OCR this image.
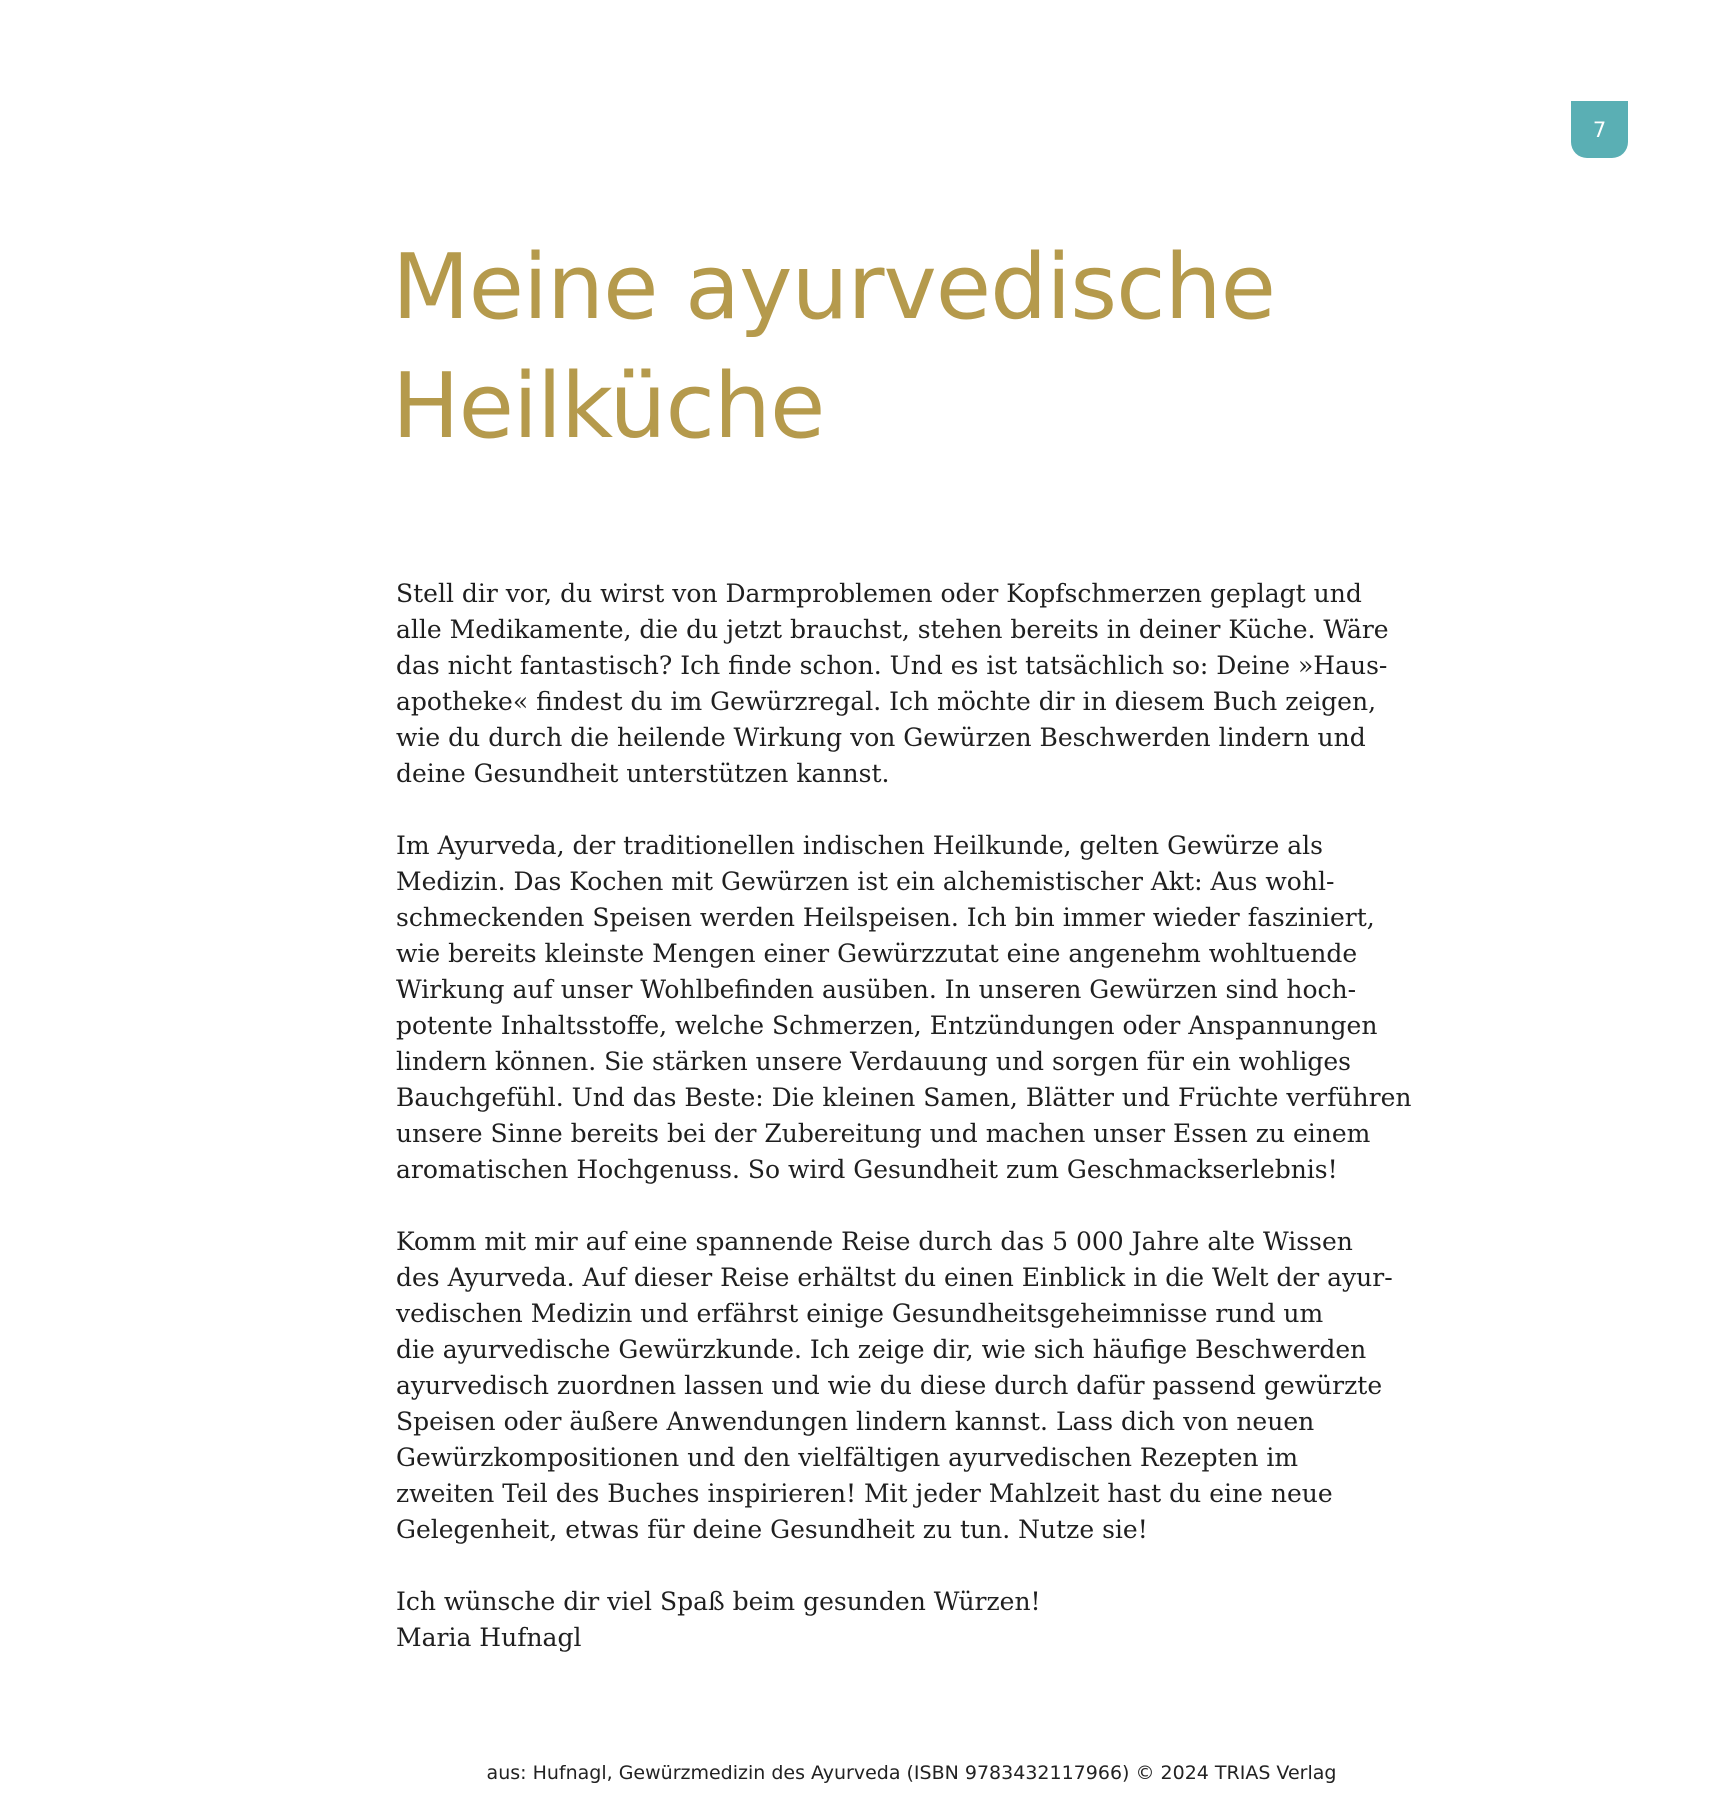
7
Meine ayurvedische
Heilküche

Stell dir vor, du wirst von Darmproblemen oder Kopfschmerzen geplagt und
alle Medikamente, die du jetzt brauchst, stehen bereits in deiner Küche. Wäre
das nicht fantastisch? Ich finde schon. Und es ist tatsächlich so: Deine »Haus-
apotheke« findest du im Gewürzregal. Ich möchte dir in diesem Buch zeigen,
wie du durch die heilende Wirkung von Gewürzen Beschwerden lindern und
deine Gesundheit unterstützen kannst.

Im Ayurveda, der traditionellen indischen Heilkunde, gelten Gewürze als
Medizin. Das Kochen mit Gewürzen ist ein alchemistischer Akt: Aus wohl-
schmeckenden Speisen werden Heilspeisen. Ich bin immer wieder fasziniert,
wie bereits kleinste Mengen einer Gewürzzutat eine angenehm wohltuende
Wirkung auf unser Wohlbefinden ausüben. In unseren Gewürzen sind hoch-
potente Inhaltsstoffe, welche Schmerzen, Entzündungen oder Anspannungen
lindern können. Sie stärken unsere Verdauung und sorgen für ein wohliges
Bauchgefühl. Und das Beste: Die kleinen Samen, Blätter und Früchte verführen
unsere Sinne bereits bei der Zubereitung und machen unser Essen zu einem
aromatischen Hochgenuss. So wird Gesundheit zum Geschmackserlebnis!

Komm mit mir auf eine spannende Reise durch das 5 000 Jahre alte Wissen
des Ayurveda. Auf dieser Reise erhältst du einen Einblick in die Welt der ayur-
vedischen Medizin und erfährst einige Gesundheitsgeheimnisse rund um
die ayurvedische Gewürzkunde. Ich zeige dir, wie sich häufige Beschwerden
ayurvedisch zuordnen lassen und wie du diese durch dafür passend gewürzte
Speisen oder äußere Anwendungen lindern kannst. Lass dich von neuen
Gewürzkompositionen und den vielfältigen ayurvedischen Rezepten im
zweiten Teil des Buches inspirieren! Mit jeder Mahlzeit hast du eine neue
Gelegenheit, etwas für deine Gesundheit zu tun. Nutze sie!

Ich wünsche dir viel Spaß beim gesunden Würzen!
Maria Hufnagl

aus: Hufnagl, Gewürzmedizin des Ayurveda (ISBN 9783432117966) © 2024 TRIAS Verlag
